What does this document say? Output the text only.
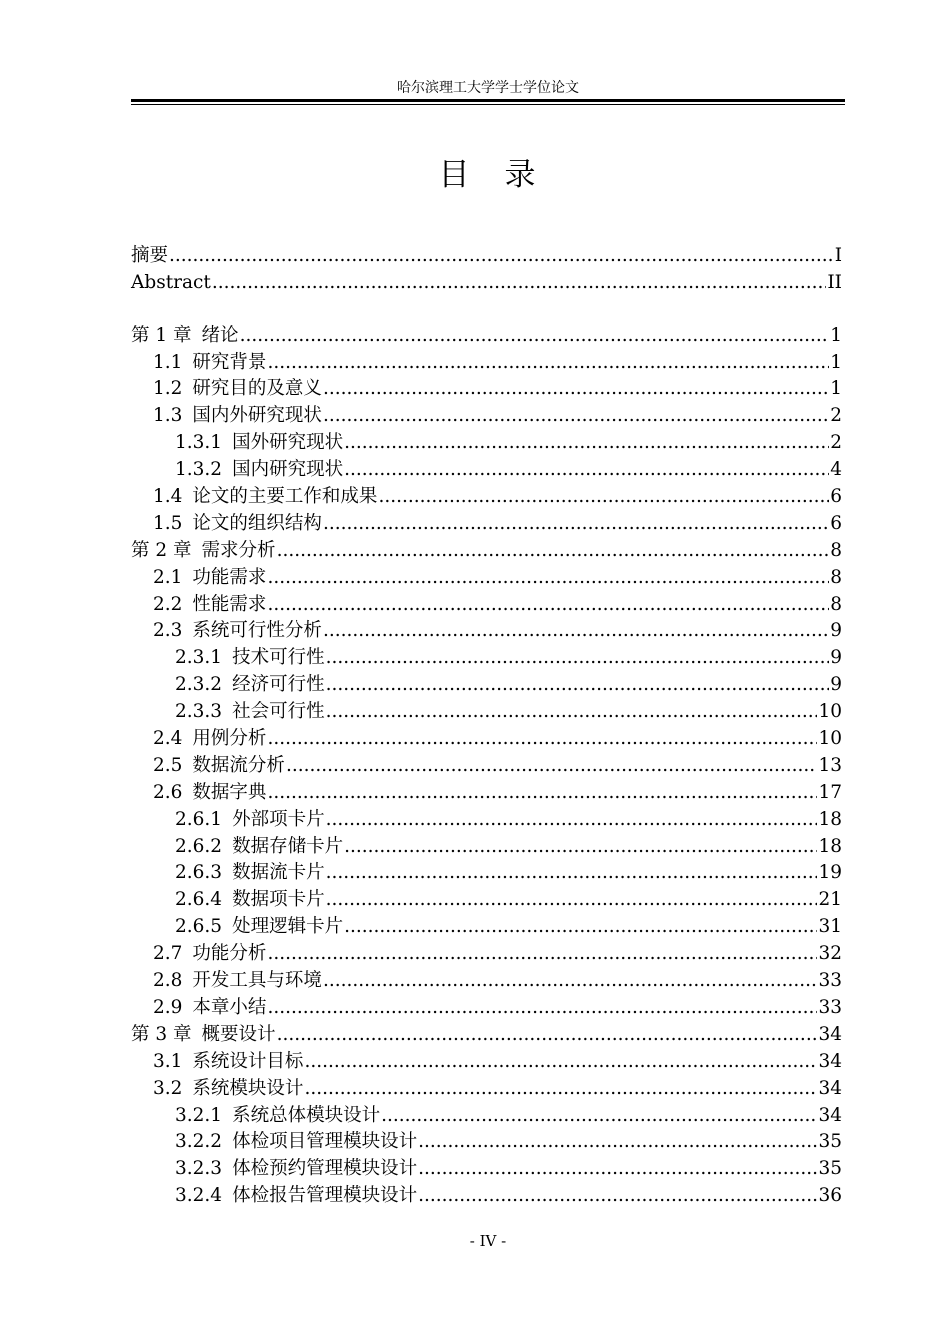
哈尔滨理工大学学士学位论文
目　录
摘要 .....	I
Abstract .....	II
第 1 章 绪论 .....	1
1.1 研究背景 .....	1
1.2 研究目的及意义 .....	1
1.3 国内外研究现状 .....	2
1.3.1 国外研究现状 .....	2
1.3.2 国内研究现状 .....	4
1.4 论文的主要工作和成果 .....	6
1.5 论文的组织结构 .....	6
第 2 章 需求分析 .....	8
2.1 功能需求 .....	8
2.2 性能需求 .....	8
2.3 系统可行性分析 .....	9
2.3.1 技术可行性 .....	9
2.3.2 经济可行性 .....	9
2.3.3 社会可行性 .....	10
2.4 用例分析 .....	10
2.5 数据流分析 .....	13
2.6 数据字典 .....	17
2.6.1 外部项卡片 .....	18
2.6.2 数据存储卡片 .....	18
2.6.3 数据流卡片 .....	19
2.6.4 数据项卡片 .....	21
2.6.5 处理逻辑卡片 .....	31
2.7 功能分析 .....	32
2.8 开发工具与环境 .....	33
2.9 本章小结 .....	33
第 3 章 概要设计 .....	34
3.1 系统设计目标 .....	34
3.2 系统模块设计 .....	34
3.2.1 系统总体模块设计 .....	34
3.2.2 体检项目管理模块设计 .....	35
3.2.3 体检预约管理模块设计 .....	35
3.2.4 体检报告管理模块设计 .....	36
- IV -
